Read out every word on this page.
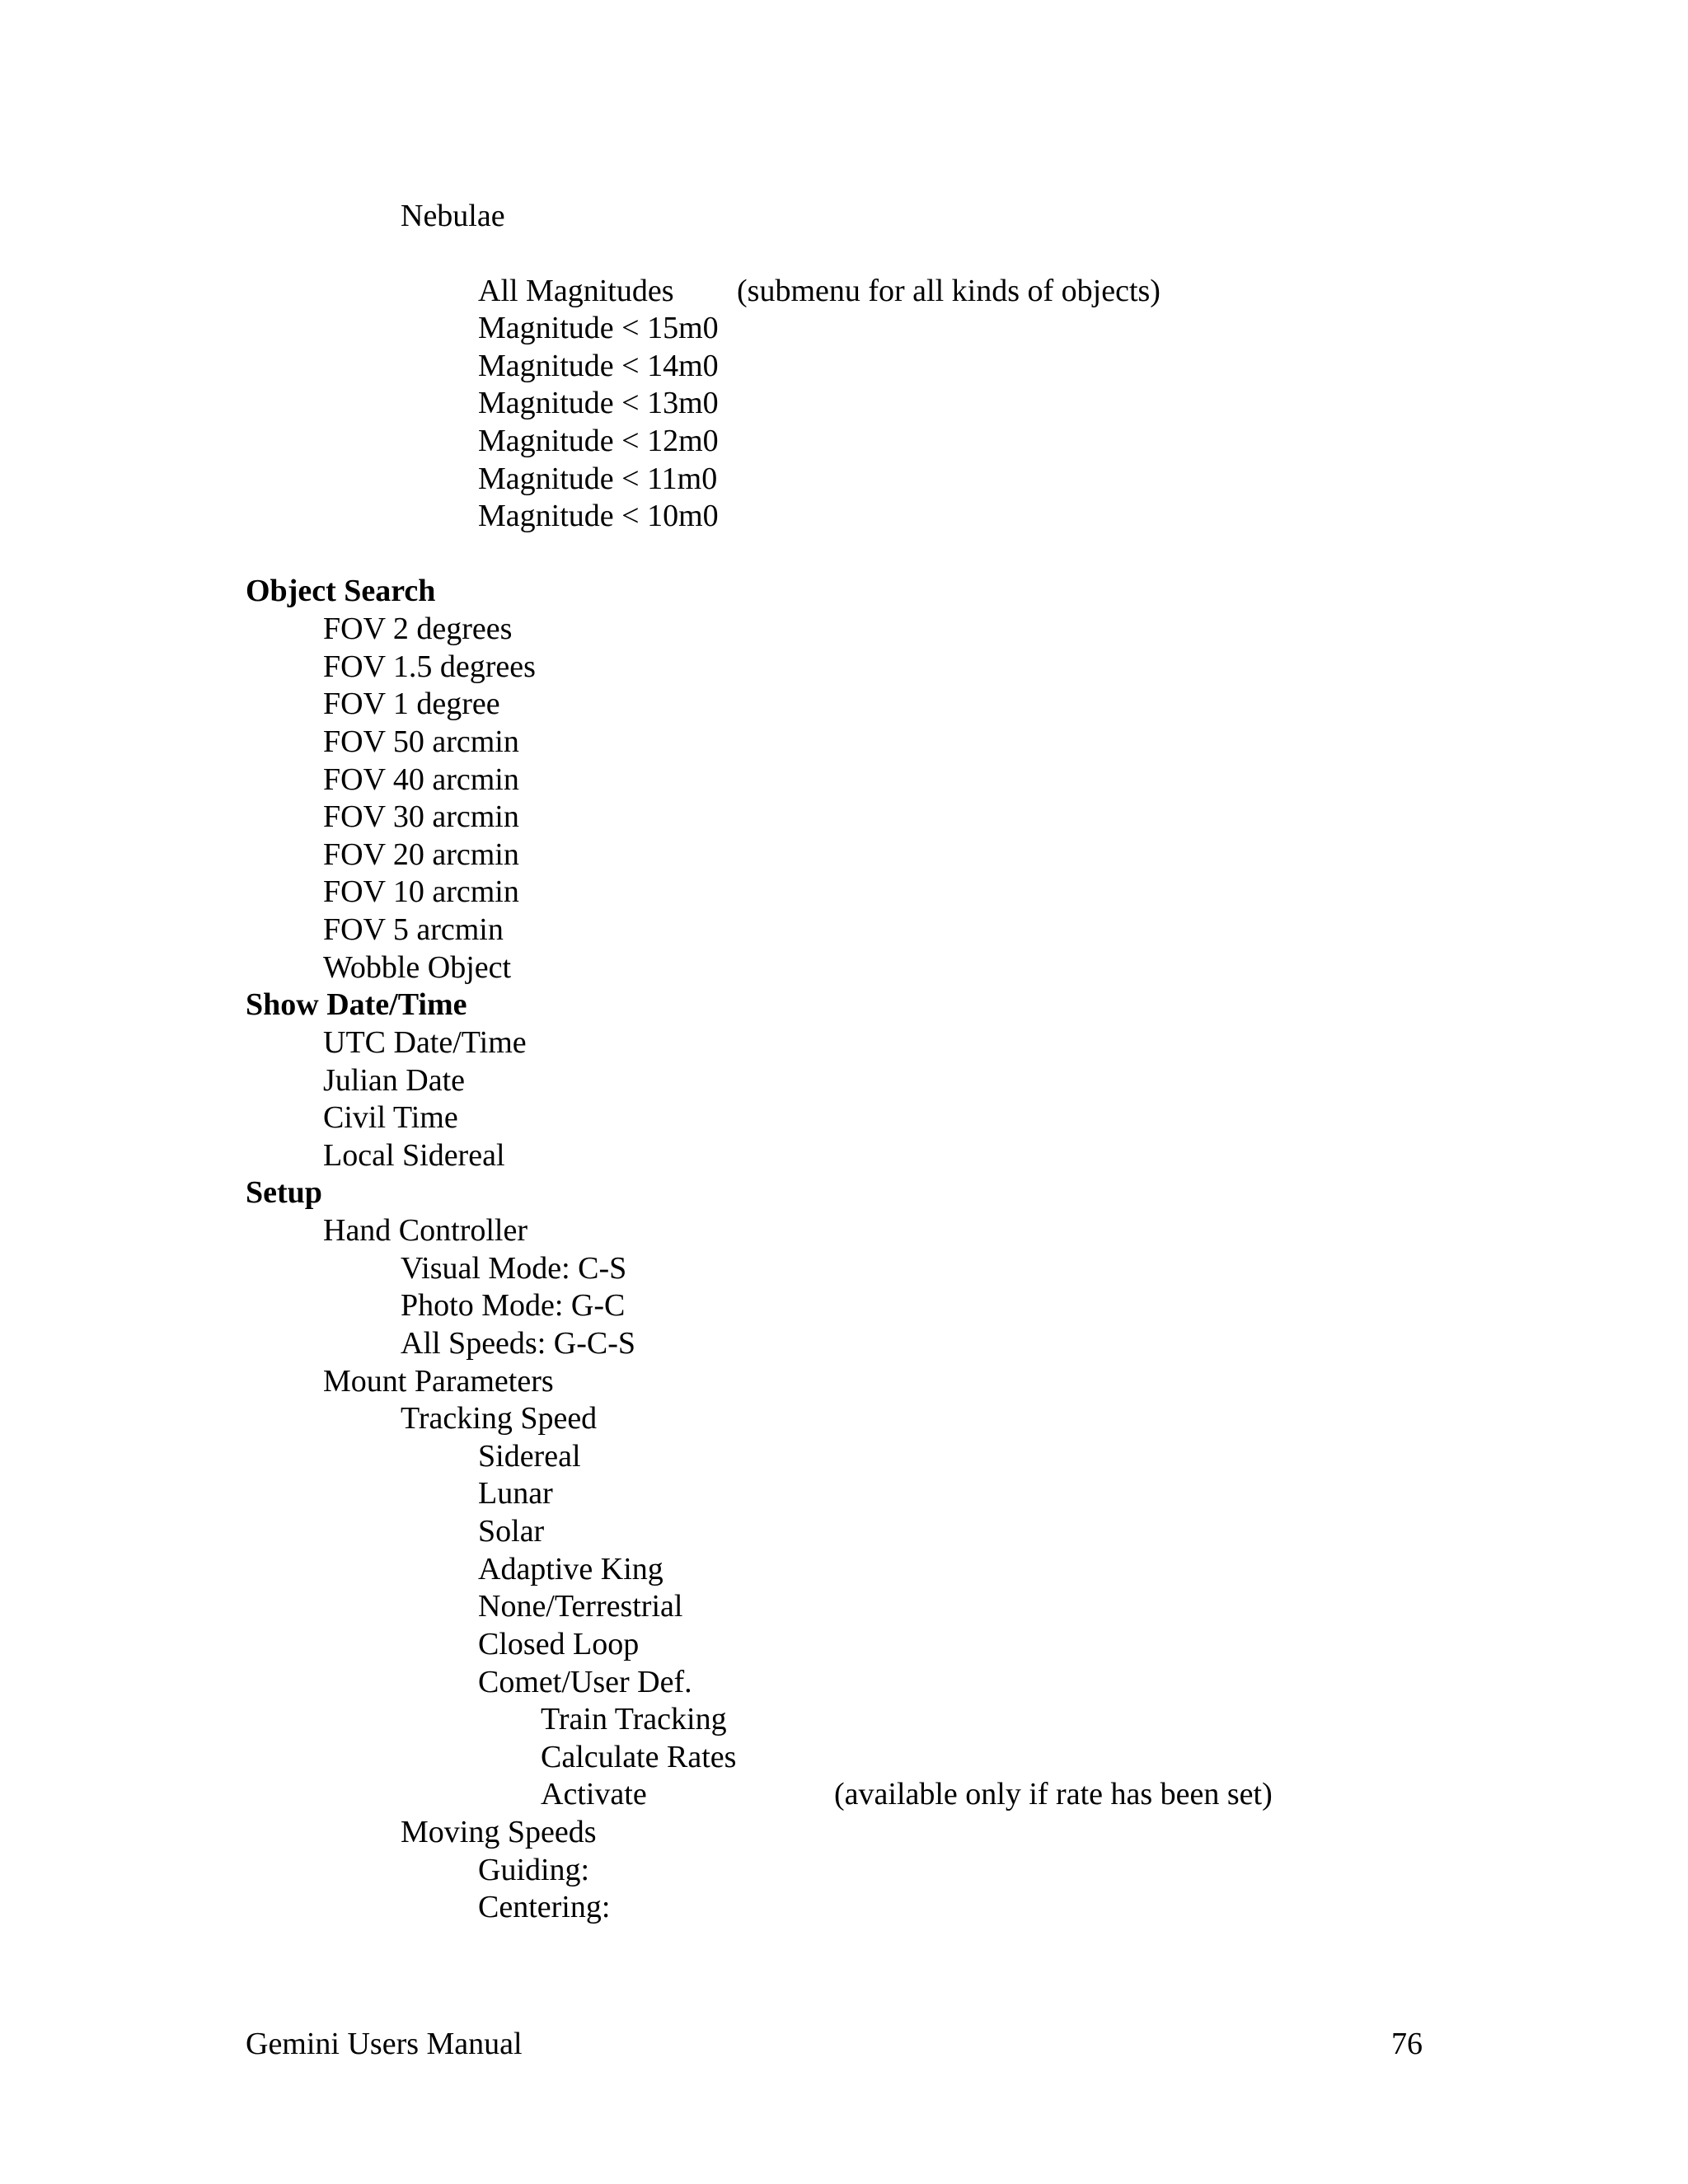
Nebulae
All Magnitudes (submenu for all kinds of objects)
Magnitude < 15m0
Magnitude < 14m0
Magnitude < 13m0
Magnitude < 12m0
Magnitude < 11m0
Magnitude < 10m0
Object Search
FOV 2 degrees
FOV 1.5 degrees
FOV 1 degree
FOV 50 arcmin
FOV 40 arcmin
FOV 30 arcmin
FOV 20 arcmin
FOV 10 arcmin
FOV 5 arcmin
Wobble Object
Show Date/Time
UTC Date/Time
Julian Date
Civil Time
Local Sidereal
Setup
Hand Controller
Visual Mode: C-S
Photo Mode: G-C
All Speeds: G-C-S
Mount Parameters
Tracking Speed
Sidereal
Lunar
Solar
Adaptive King
None/Terrestrial
Closed Loop
Comet/User Def.
Train Tracking
Calculate Rates
Activate	(available only if rate has been set)
Moving Speeds
Guiding:
Centering:
Gemini Users Manual	76
